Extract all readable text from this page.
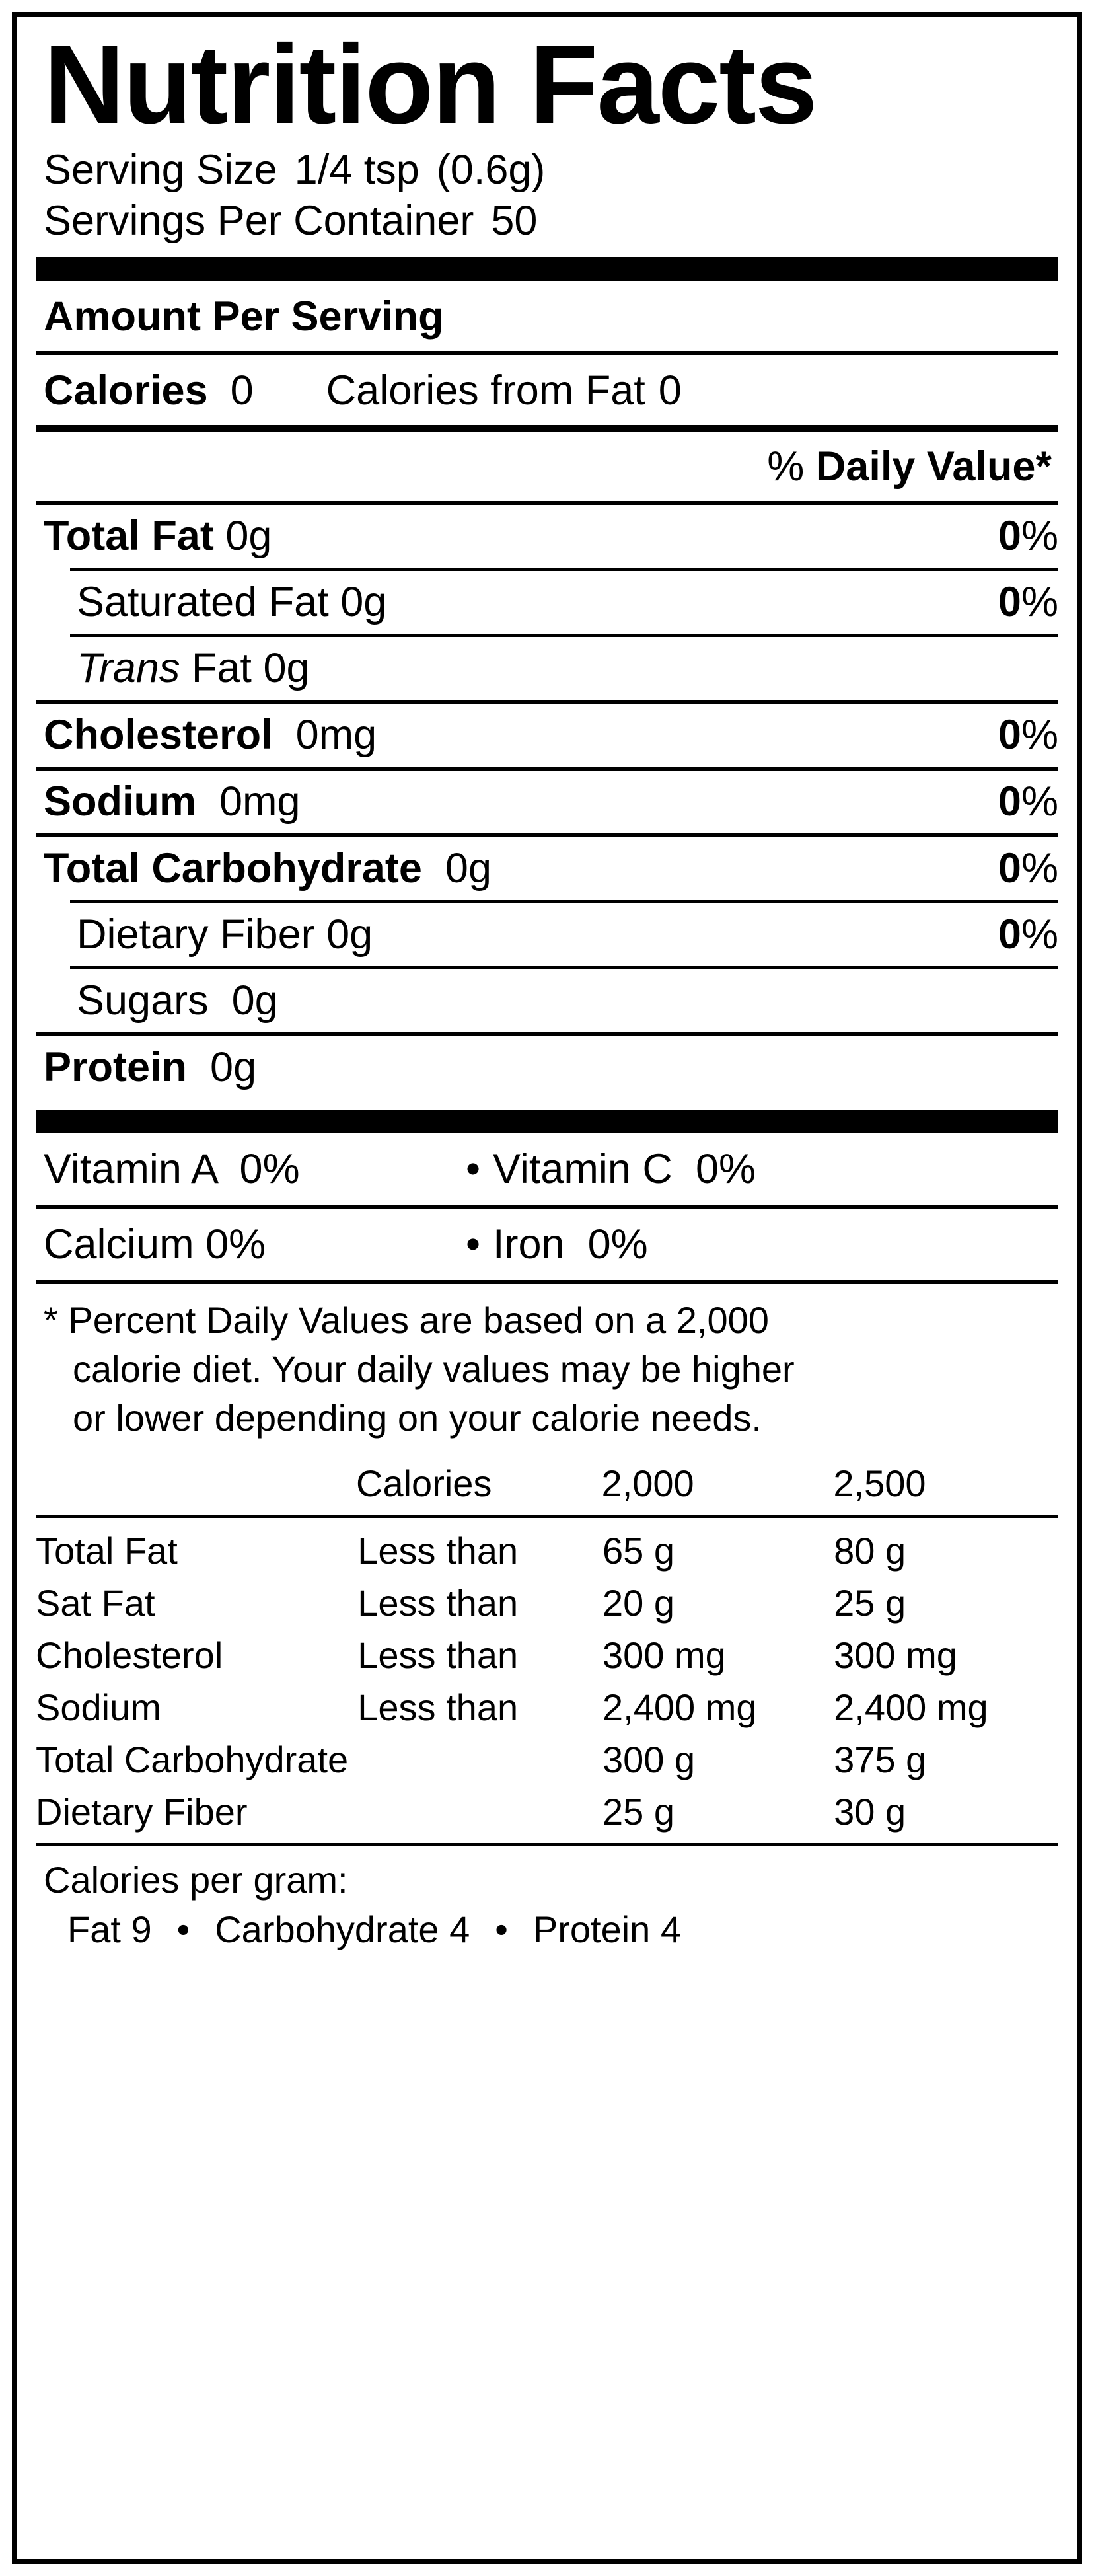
Nutrition Facts
Serving Size 1/4 tsp (0.6g)
Servings Per Container 50
Amount Per Serving
Calories 0 Calories from Fat 0
% Daily Value*
Total Fat 0g	0%
Saturated Fat 0g	0%
Trans Fat 0g
Cholesterol 0mg	0%
Sodium 0mg	0%
Total Carbohydrate 0g	0%
Dietary Fiber 0g	0%
Sugars 0g
Protein 0g
Vitamin A 0%	• Vitamin C 0%
Calcium 0%	• Iron 0%
* Percent Daily Values are based on a 2,000
calorie diet. Your daily values may be higher
or lower depending on your calorie needs.
	Calories	2,000	2,500
Total Fat	Less than	65 g	80 g
Sat Fat	Less than	20 g	25 g
Cholesterol	Less than	300 mg	300 mg
Sodium	Less than	2,400 mg	2,400 mg
Total Carbohydrate		300 g	375 g
Dietary Fiber		25 g	30 g
Calories per gram:
Fat 9 • Carbohydrate 4 • Protein 4
